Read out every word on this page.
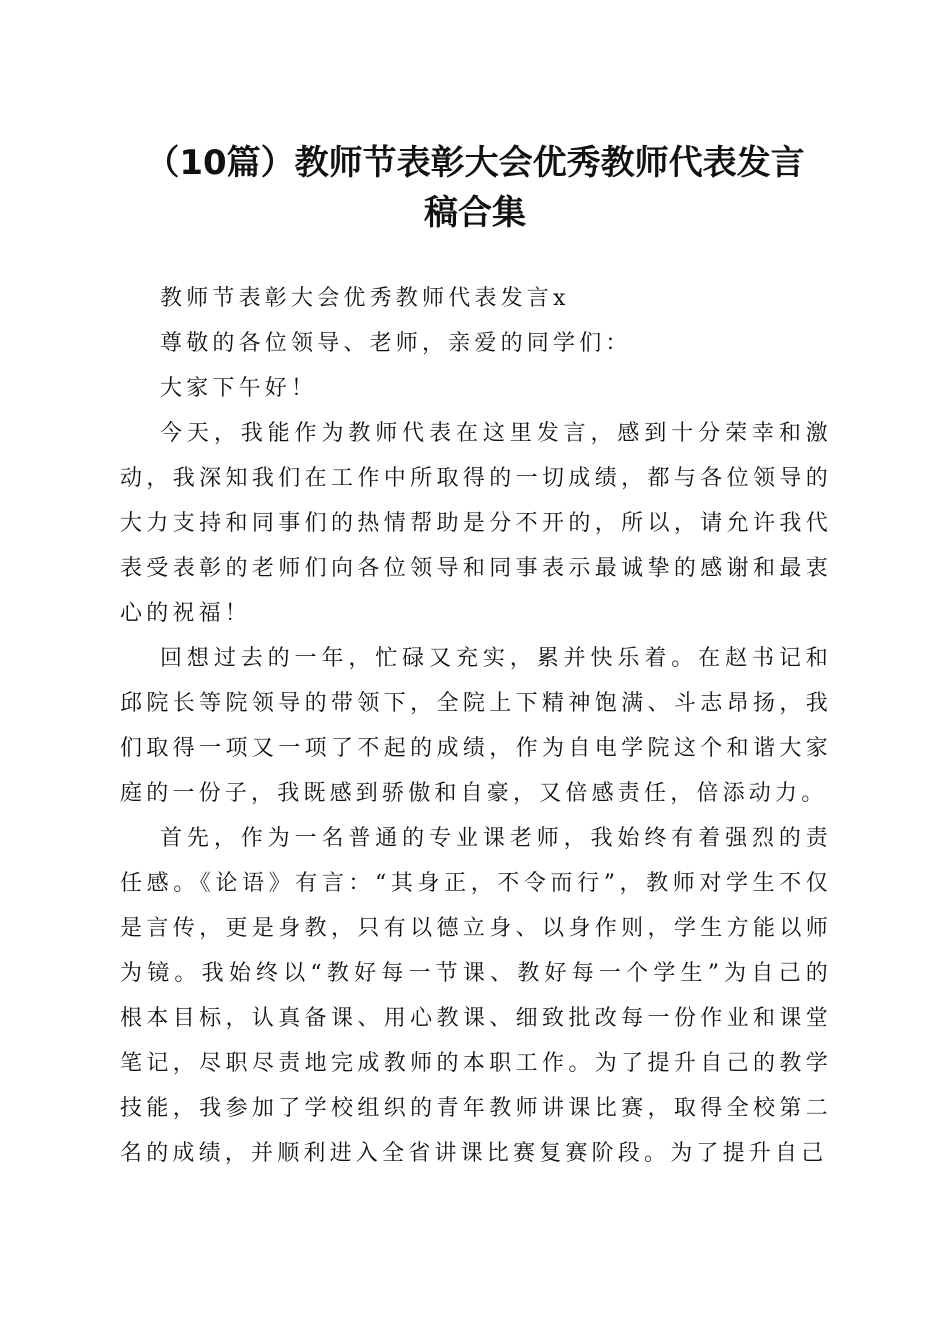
（10篇）教师节表彰大会优秀教师代表发言
稿合集

教师节表彰大会优秀教师代表发言x

尊敬的各位领导、老师，亲爱的同学们：

大家下午好！

今天，我能作为教师代表在这里发言，感到十分荣幸和激动，我深知我们在工作中所取得的一切成绩，都与各位领导的大力支持和同事们的热情帮助是分不开的，所以，请允许我代表受表彰的老师们向各位领导和同事表示最诚挚的感谢和最衷心的祝福！

回想过去的一年，忙碌又充实，累并快乐着。在赵书记和邱院长等院领导的带领下，全院上下精神饱满、斗志昂扬，我们取得一项又一项了不起的成绩，作为自电学院这个和谐大家庭的一份子，我既感到骄傲和自豪，又倍感责任，倍添动力。

首先，作为一名普通的专业课老师，我始终有着强烈的责任感。《论语》有言：“其身正，不令而行”，教师对学生不仅是言传，更是身教，只有以德立身、以身作则，学生方能以师为镜。我始终以“教好每一节课、教好每一个学生”为自己的根本目标，认真备课、用心教课、细致批改每一份作业和课堂笔记，尽职尽责地完成教师的本职工作。为了提升自己的教学技能，我参加了学校组织的青年教师讲课比赛，取得全校第二名的成绩，并顺利进入全省讲课比赛复赛阶段。为了提升自己
